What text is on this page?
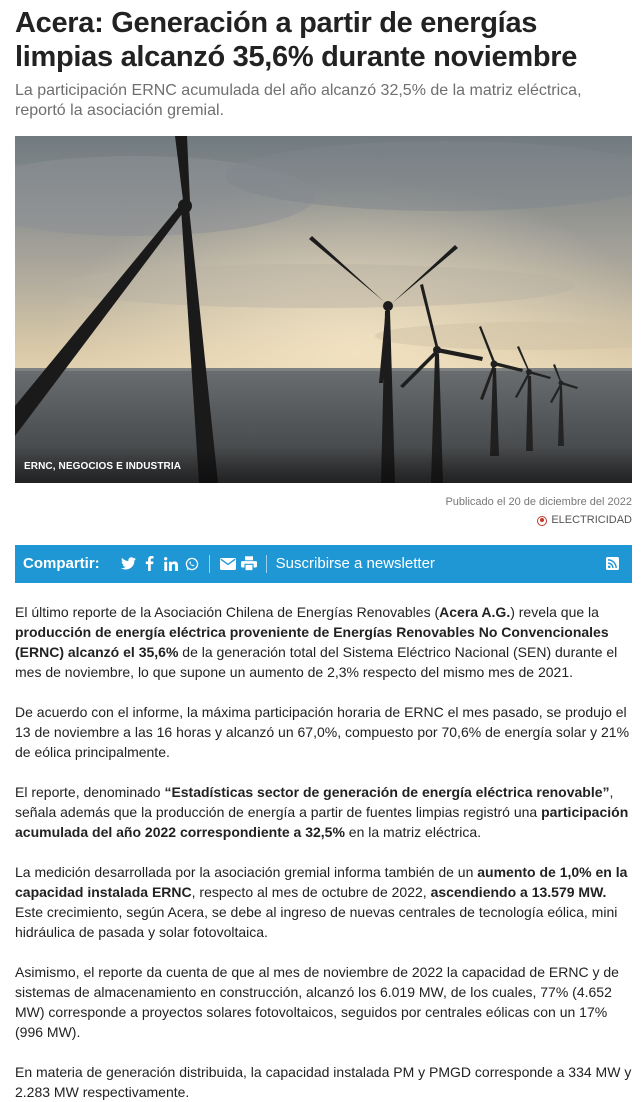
Acera: Generación a partir de energías limpias alcanzó 35,6% durante noviembre

La participación ERNC acumulada del año alcanzó 32,5% de la matriz eléctrica, reportó la asociación gremial.

ERNC, NEGOCIOS E INDUSTRIA
Publicado el 20 de diciembre del 2022
ELECTRICIDAD
Compartir:	Suscribirse a newsletter

El último reporte de la Asociación Chilena de Energías Renovables (Acera A.G.) revela que la producción de energía eléctrica proveniente de Energías Renovables No Convencionales (ERNC) alcanzó el 35,6% de la generación total del Sistema Eléctrico Nacional (SEN) durante el mes de noviembre, lo que supone un aumento de 2,3% respecto del mismo mes de 2021.

De acuerdo con el informe, la máxima participación horaria de ERNC el mes pasado, se produjo el 13 de noviembre a las 16 horas y alcanzó un 67,0%, compuesto por 70,6% de energía solar y 21% de eólica principalmente.

El reporte, denominado “Estadísticas sector de generación de energía eléctrica renovable”, señala además que la producción de energía a partir de fuentes limpias registró una participación acumulada del año 2022 correspondiente a 32,5% en la matriz eléctrica.

La medición desarrollada por la asociación gremial informa también de un aumento de 1,0% en la capacidad instalada ERNC, respecto al mes de octubre de 2022, ascendiendo a 13.579 MW. Este crecimiento, según Acera, se debe al ingreso de nuevas centrales de tecnología eólica, mini hidráulica de pasada y solar fotovoltaica.

Asimismo, el reporte da cuenta de que al mes de noviembre de 2022 la capacidad de ERNC y de sistemas de almacenamiento en construcción, alcanzó los 6.019 MW, de los cuales, 77% (4.652 MW) corresponde a proyectos solares fotovoltaicos, seguidos por centrales eólicas con un 17% (996 MW).

En materia de generación distribuida, la capacidad instalada PM y PMGD corresponde a 334 MW y 2.283 MW respectivamente.
